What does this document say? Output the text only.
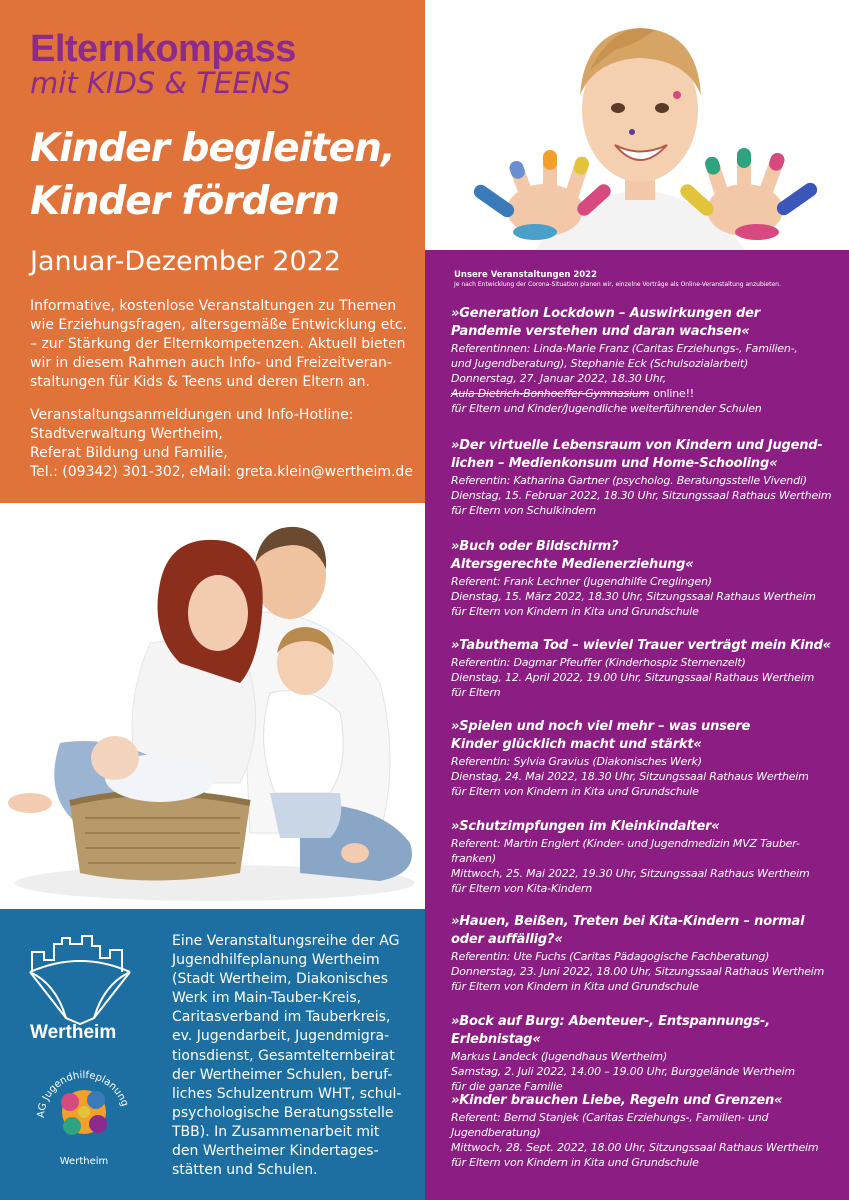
Elternkompass
mit KIDS & TEENS
Kinder begleiten,
Kinder fördern
Januar-Dezember 2022
Informative, kostenlose Veranstaltungen zu Themen
wie Erziehungsfragen, altersgemäße Entwicklung etc.
– zur Stärkung der Elternkompetenzen. Aktuell bieten
wir in diesem Rahmen auch Info- und Freizeitveran-
staltungen für Kids & Teens und deren Eltern an.
Veranstaltungsanmeldungen und Info-Hotline:
Stadtverwaltung Wertheim,
Referat Bildung und Familie,
Tel.: (09342) 301-302, eMail: greta.klein@wertheim.de
Unsere Veranstaltungen 2022
Je nach Entwicklung der Corona-Situation planen wir, einzelne Vorträge als Online-Veranstaltung anzubieten.
»Generation Lockdown – Auswirkungen der
Pandemie verstehen und daran wachsen«
Referentinnen: Linda-Marie Franz (Caritas Erziehungs-, Familien-,
und Jugendberatung), Stephanie Eck (Schulsozialarbeit)
Donnerstag, 27. Januar 2022, 18.30 Uhr,
Aula Dietrich-Bonhoeffer-Gymnasium online!!
für Eltern und Kinder/Jugendliche weiterführender Schulen
»Der virtuelle Lebensraum von Kindern und Jugend-
lichen – Medienkonsum und Home-Schooling«
Referentin: Katharina Gartner (psycholog. Beratungsstelle Vivendi)
Dienstag, 15. Februar 2022, 18.30 Uhr, Sitzungssaal Rathaus Wertheim
für Eltern von Schulkindern
»Buch oder Bildschirm?
Altersgerechte Medienerziehung«
Referent: Frank Lechner (Jugendhilfe Creglingen)
Dienstag, 15. März 2022, 18.30 Uhr, Sitzungssaal Rathaus Wertheim
für Eltern von Kindern in Kita und Grundschule
»Tabuthema Tod – wieviel Trauer verträgt mein Kind«
Referentin: Dagmar Pfeuffer (Kinderhospiz Sternenzelt)
Dienstag, 12. April 2022, 19.00 Uhr, Sitzungssaal Rathaus Wertheim
für Eltern
»Spielen und noch viel mehr – was unsere
Kinder glücklich macht und stärkt«
Referentin: Sylvia Gravius (Diakonisches Werk)
Dienstag, 24. Mai 2022, 18.30 Uhr, Sitzungssaal Rathaus Wertheim
für Eltern von Kindern in Kita und Grundschule
»Schutzimpfungen im Kleinkindalter«
Referent: Martin Englert (Kinder- und Jugendmedizin MVZ Tauber-
franken)
Mittwoch, 25. Mai 2022, 19.30 Uhr, Sitzungssaal Rathaus Wertheim
für Eltern von Kita-Kindern
»Hauen, Beißen, Treten bei Kita-Kindern – normal
oder auffällig?«
Referentin: Ute Fuchs (Caritas Pädagogische Fachberatung)
Donnerstag, 23. Juni 2022, 18.00 Uhr, Sitzungssaal Rathaus Wertheim
für Eltern von Kindern in Kita und Grundschule
»Bock auf Burg: Abenteuer-, Entspannungs-, Erlebnistag«
Markus Landeck (Jugendhaus Wertheim)
Samstag, 2. Juli 2022, 14.00 – 19.00 Uhr, Burggelände Wertheim
für die ganze Familie
»Kinder brauchen Liebe, Regeln und Grenzen«
Referent: Bernd Stanjek (Caritas Erziehungs-, Familien- und
Jugendberatung)
Mittwoch, 28. Sept. 2022, 18.00 Uhr, Sitzungssaal Rathaus Wertheim
für Eltern von Kindern in Kita und Grundschule
Wertheim
AG Jugendhilfeplanung
Wertheim
Eine Veranstaltungsreihe der AG
Jugendhilfeplanung Wertheim
(Stadt Wertheim, Diakonisches
Werk im Main-Tauber-Kreis,
Caritasverband im Tauberkreis,
ev. Jugendarbeit, Jugendmigra-
tionsdienst, Gesamtelternbeirat
der Wertheimer Schulen, beruf-
liches Schulzentrum WHT, schul-
psychologische Beratungsstelle
TBB). In Zusammenarbeit mit
den Wertheimer Kindertages-
stätten und Schulen.
